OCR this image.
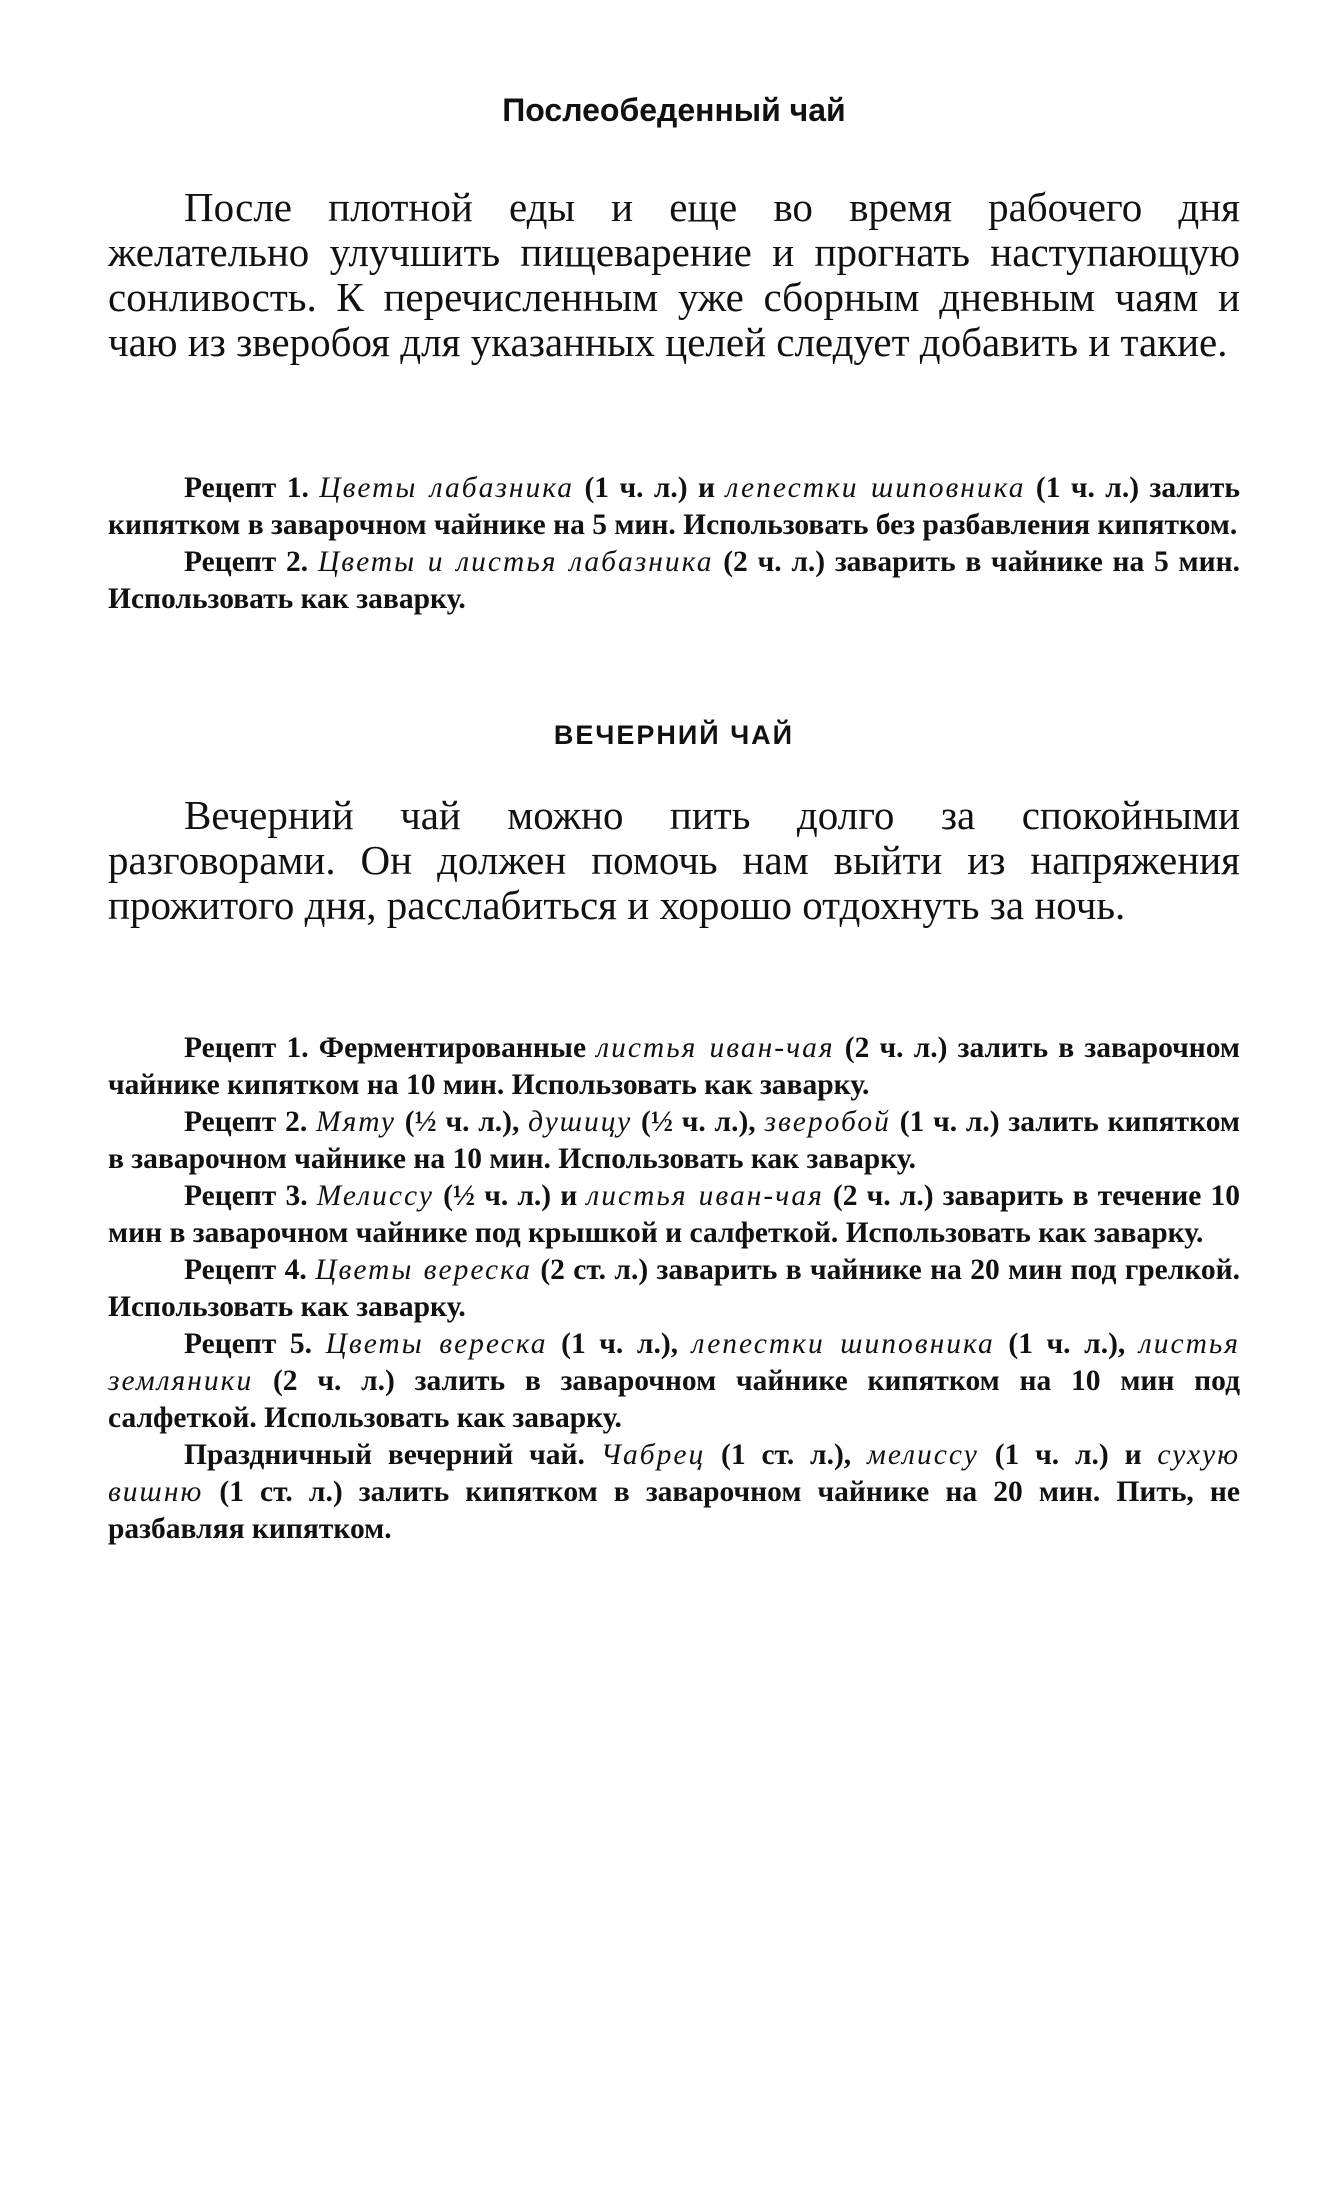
Послеобеденный чай

После плотной еды и еще во время рабочего дня желательно улучшить пищеварение и прогнать наступающую сонливость. К перечисленным уже сборным дневным чаям и чаю из зверобоя для указанных целей следует добавить и такие.

Рецепт 1. Цветы лабазника (1 ч. л.) и лепестки шиповника (1 ч. л.) залить кипятком в заварочном чайнике на 5 мин. Использовать без разбавления кипятком.

Рецепт 2. Цветы и листья лабазника (2 ч. л.) заварить в чайнике на 5 мин. Использовать как заварку.

ВЕЧЕРНИЙ ЧАЙ

Вечерний чай можно пить долго за спокойными разговорами. Он должен помочь нам выйти из напряжения прожитого дня, расслабиться и хорошо отдохнуть за ночь.

Рецепт 1. Ферментированные листья иван-чая (2 ч. л.) залить в заварочном чайнике кипятком на 10 мин. Использовать как заварку.

Рецепт 2. Мяту (½ ч. л.), душицу (½ ч. л.), зверобой (1 ч. л.) залить кипятком в заварочном чайнике на 10 мин. Использовать как заварку.

Рецепт 3. Мелиссу (½ ч. л.) и листья иван-чая (2 ч. л.) заварить в течение 10 мин в заварочном чайнике под крышкой и салфеткой. Использовать как заварку.

Рецепт 4. Цветы вереска (2 ст. л.) заварить в чайнике на 20 мин под грелкой. Использовать как заварку.

Рецепт 5. Цветы вереска (1 ч. л.), лепестки шиповника (1 ч. л.), листья земляники (2 ч. л.) залить в заварочном чайнике кипятком на 10 мин под салфеткой. Использовать как заварку.

Праздничный вечерний чай. Чабрец (1 ст. л.), мелиссу (1 ч. л.) и сухую вишню (1 ст. л.) залить кипятком в заварочном чайнике на 20 мин. Пить, не разбавляя кипятком.
